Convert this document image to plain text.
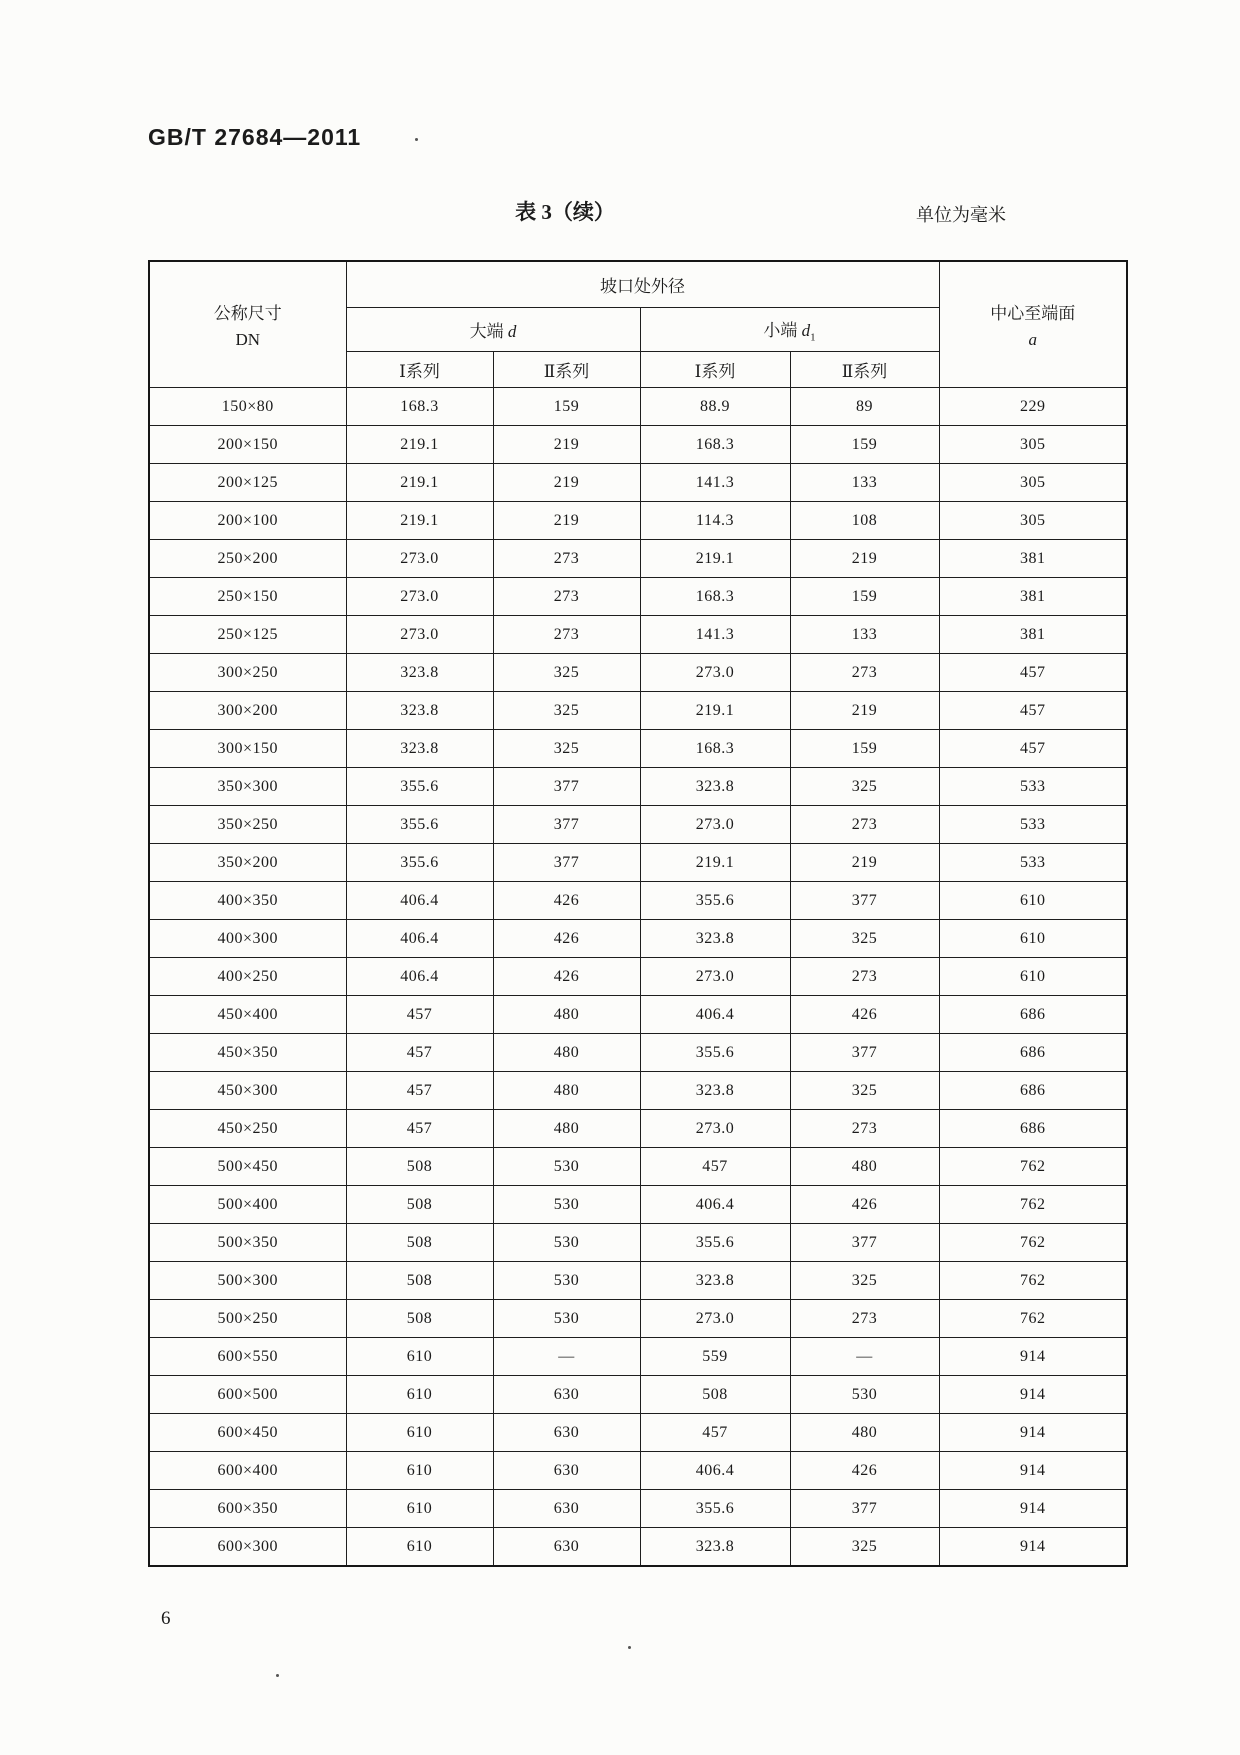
GB/T 27684—2011
表 3（续）	单位为毫米
公称尺寸
DN
	坡口处外径	
中心至端面
a

	大端 d		小端 $d_1$
	Ⅰ系列	Ⅱ系列	Ⅰ系列	Ⅱ系列	
150×80	168.3	159	88.9	89	229
200×150	219.1	219	168.3	159	305
200×125	219.1	219	141.3	133	305
200×100	219.1	219	114.3	108	305
250×200	273.0	273	219.1	219	381
250×150	273.0	273	168.3	159	381
250×125	273.0	273	141.3	133	381
300×250	323.8	325	273.0	273	457
300×200	323.8	325	219.1	219	457
300×150	323.8	325	168.3	159	457
350×300	355.6	377	323.8	325	533
350×250	355.6	377	273.0	273	533
350×200	355.6	377	219.1	219	533
400×350	406.4	426	355.6	377	610
400×300	406.4	426	323.8	325	610
400×250	406.4	426	273.0	273	610
450×400	457	480	406.4	426	686
450×350	457	480	355.6	377	686
450×300	457	480	323.8	325	686
450×250	457	480	273.0	273	686
500×450	508	530	457	480	762
500×400	508	530	406.4	426	762
500×350	508	530	355.6	377	762
500×300	508	530	323.8	325	762
500×250	508	530	273.0	273	762
600×550	610	—	559	—	914
600×500	610	630	508	530	914
600×450	610	630	457	480	914
600×400	610	630	406.4	426	914
600×350	610	630	355.6	377	914
600×300	610	630	323.8	325	914
6
